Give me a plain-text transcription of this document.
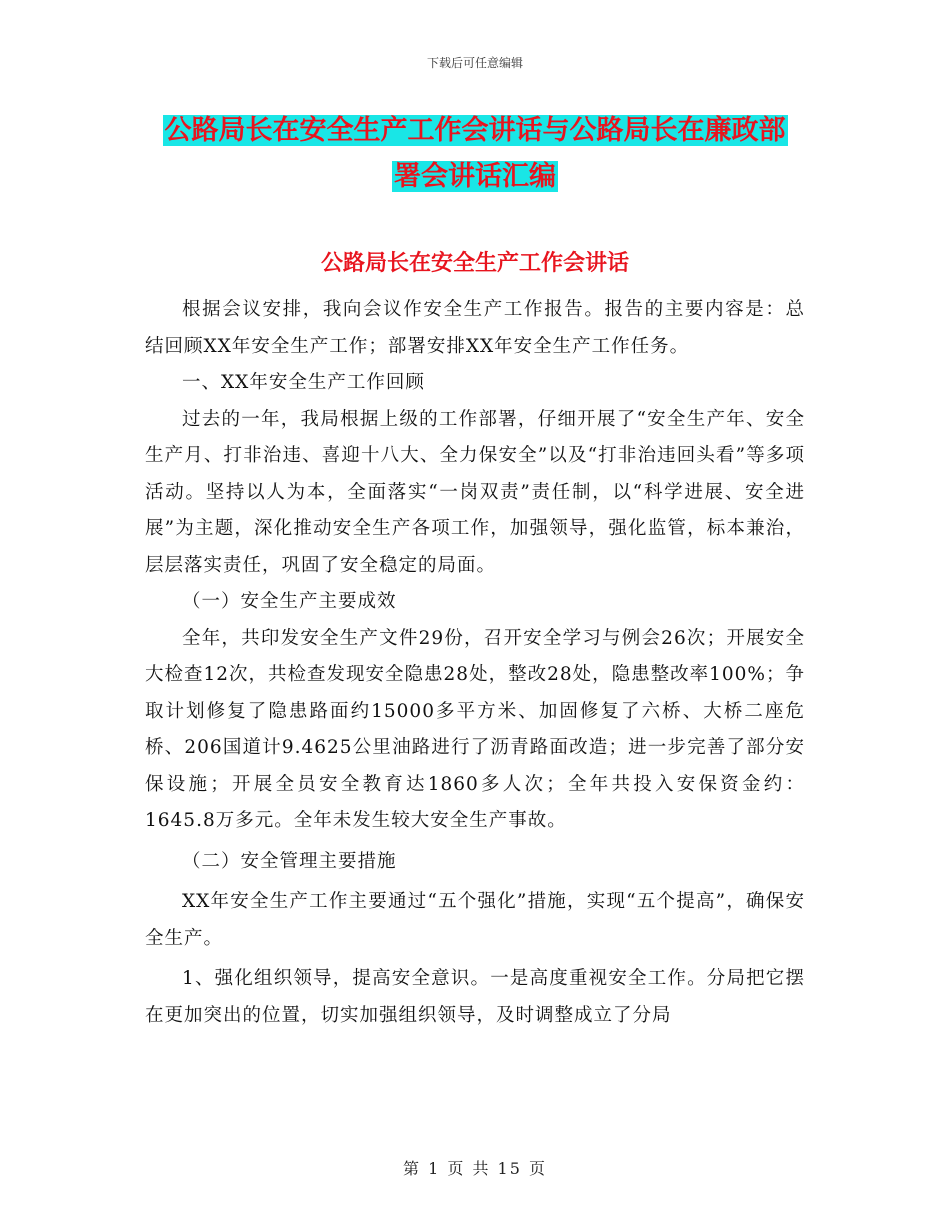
下载后可任意编辑
公路局长在安全生产工作会讲话与公路局长在廉政部
署会讲话汇编
公路局长在安全生产工作会讲话

根据会议安排，我向会议作安全生产工作报告。报告的主要内容是：总结回顾XX年安全生产工作；部署安排XX年安全生产工作任务。

一、XX年安全生产工作回顾

过去的一年，我局根据上级的工作部署，仔细开展了“安全生产年、安全生产月、打非治违、喜迎十八大、全力保安全”以及“打非治违回头看”等多项活动。坚持以人为本，全面落实“一岗双责”责任制，以“科学进展、安全进展”为主题，深化推动安全生产各项工作，加强领导，强化监管，标本兼治，层层落实责任，巩固了安全稳定的局面。

（一）安全生产主要成效

全年，共印发安全生产文件29份，召开安全学习与例会26次；开展安全大检查12次，共检查发现安全隐患28处，整改28处，隐患整改率100%；争取计划修复了隐患路面约15000多平方米、加固修复了六桥、大桥二座危桥、206国道计9.4625公里油路进行了沥青路面改造；进一步完善了部分安保设施；开展全员安全教育达1860多人次；全年共投入安保资金约：1645.8万多元。全年未发生较大安全生产事故。

（二）安全管理主要措施

XX年安全生产工作主要通过“五个强化”措施，实现“五个提高”，确保安全生产。

1、强化组织领导，提高安全意识。一是高度重视安全工作。分局把它摆在更加突出的位置，切实加强组织领导，及时调整成立了分局

第 1 页 共 15 页
